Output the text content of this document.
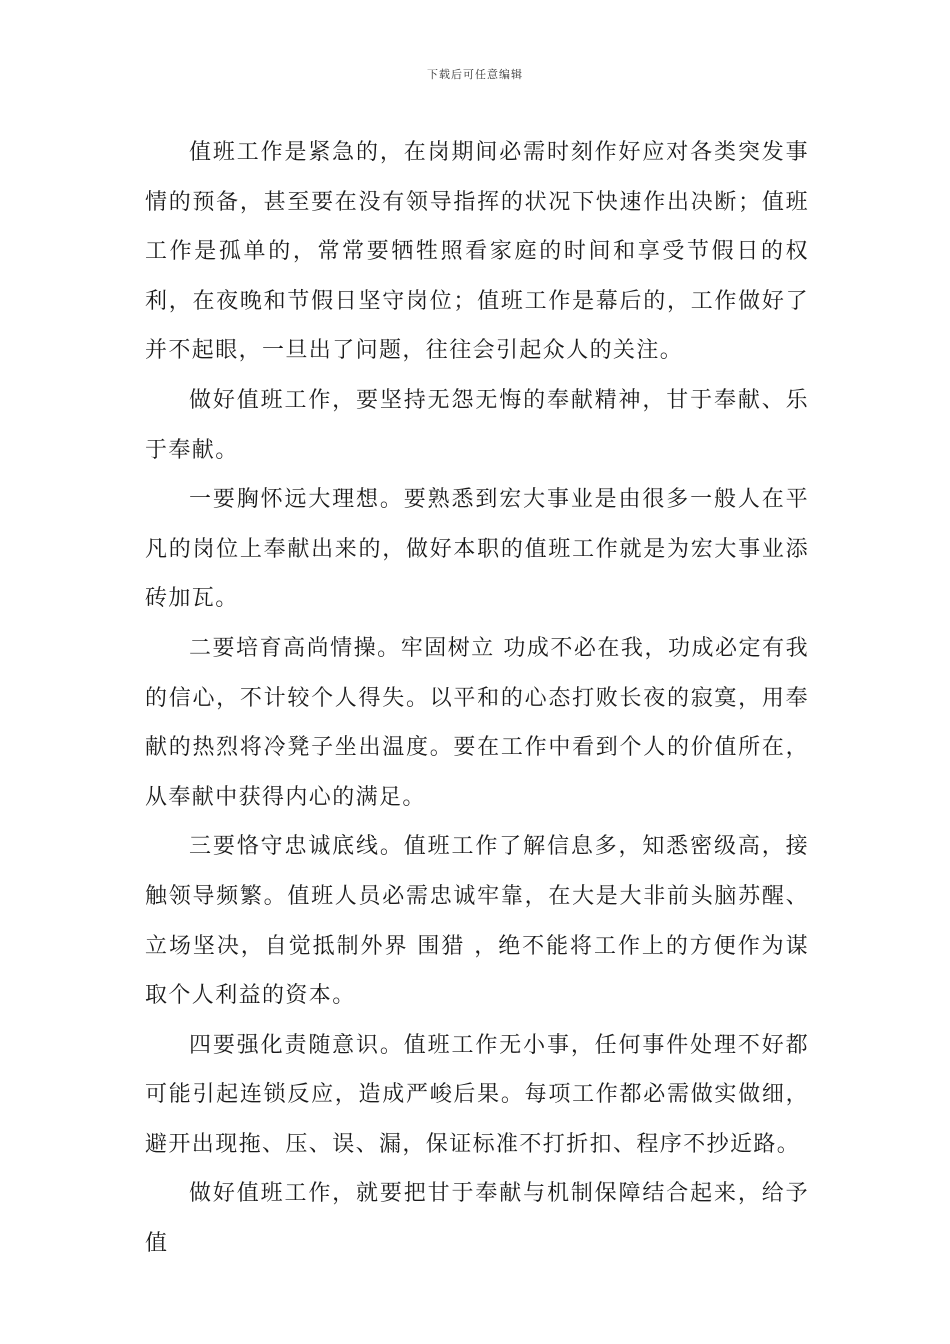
下载后可任意编辑

值班工作是紧急的，在岗期间必需时刻作好应对各类突发事情的预备，甚至要在没有领导指挥的状况下快速作出决断；值班工作是孤单的，常常要牺牲照看家庭的时间和享受节假日的权利，在夜晚和节假日坚守岗位；值班工作是幕后的，工作做好了并不起眼，一旦出了问题，往往会引起众人的关注。

做好值班工作，要坚持无怨无悔的奉献精神，甘于奉献、乐于奉献。

一要胸怀远大理想。要熟悉到宏大事业是由很多一般人在平凡的岗位上奉献出来的，做好本职的值班工作就是为宏大事业添砖加瓦。

二要培育高尚情操。牢固树立 功成不必在我，功成必定有我的信心，不计较个人得失。以平和的心态打败长夜的寂寞，用奉献的热烈将冷凳子坐出温度。要在工作中看到个人的价值所在，从奉献中获得内心的满足。

三要恪守忠诚底线。值班工作了解信息多，知悉密级高，接触领导频繁。值班人员必需忠诚牢靠，在大是大非前头脑苏醒、立场坚决，自觉抵制外界 围猎 ，绝不能将工作上的方便作为谋取个人利益的资本。

四要强化责随意识。值班工作无小事，任何事件处理不好都可能引起连锁反应，造成严峻后果。每项工作都必需做实做细，避开出现拖、压、误、漏，保证标准不打折扣、程序不抄近路。

做好值班工作，就要把甘于奉献与机制保障结合起来，给予值
